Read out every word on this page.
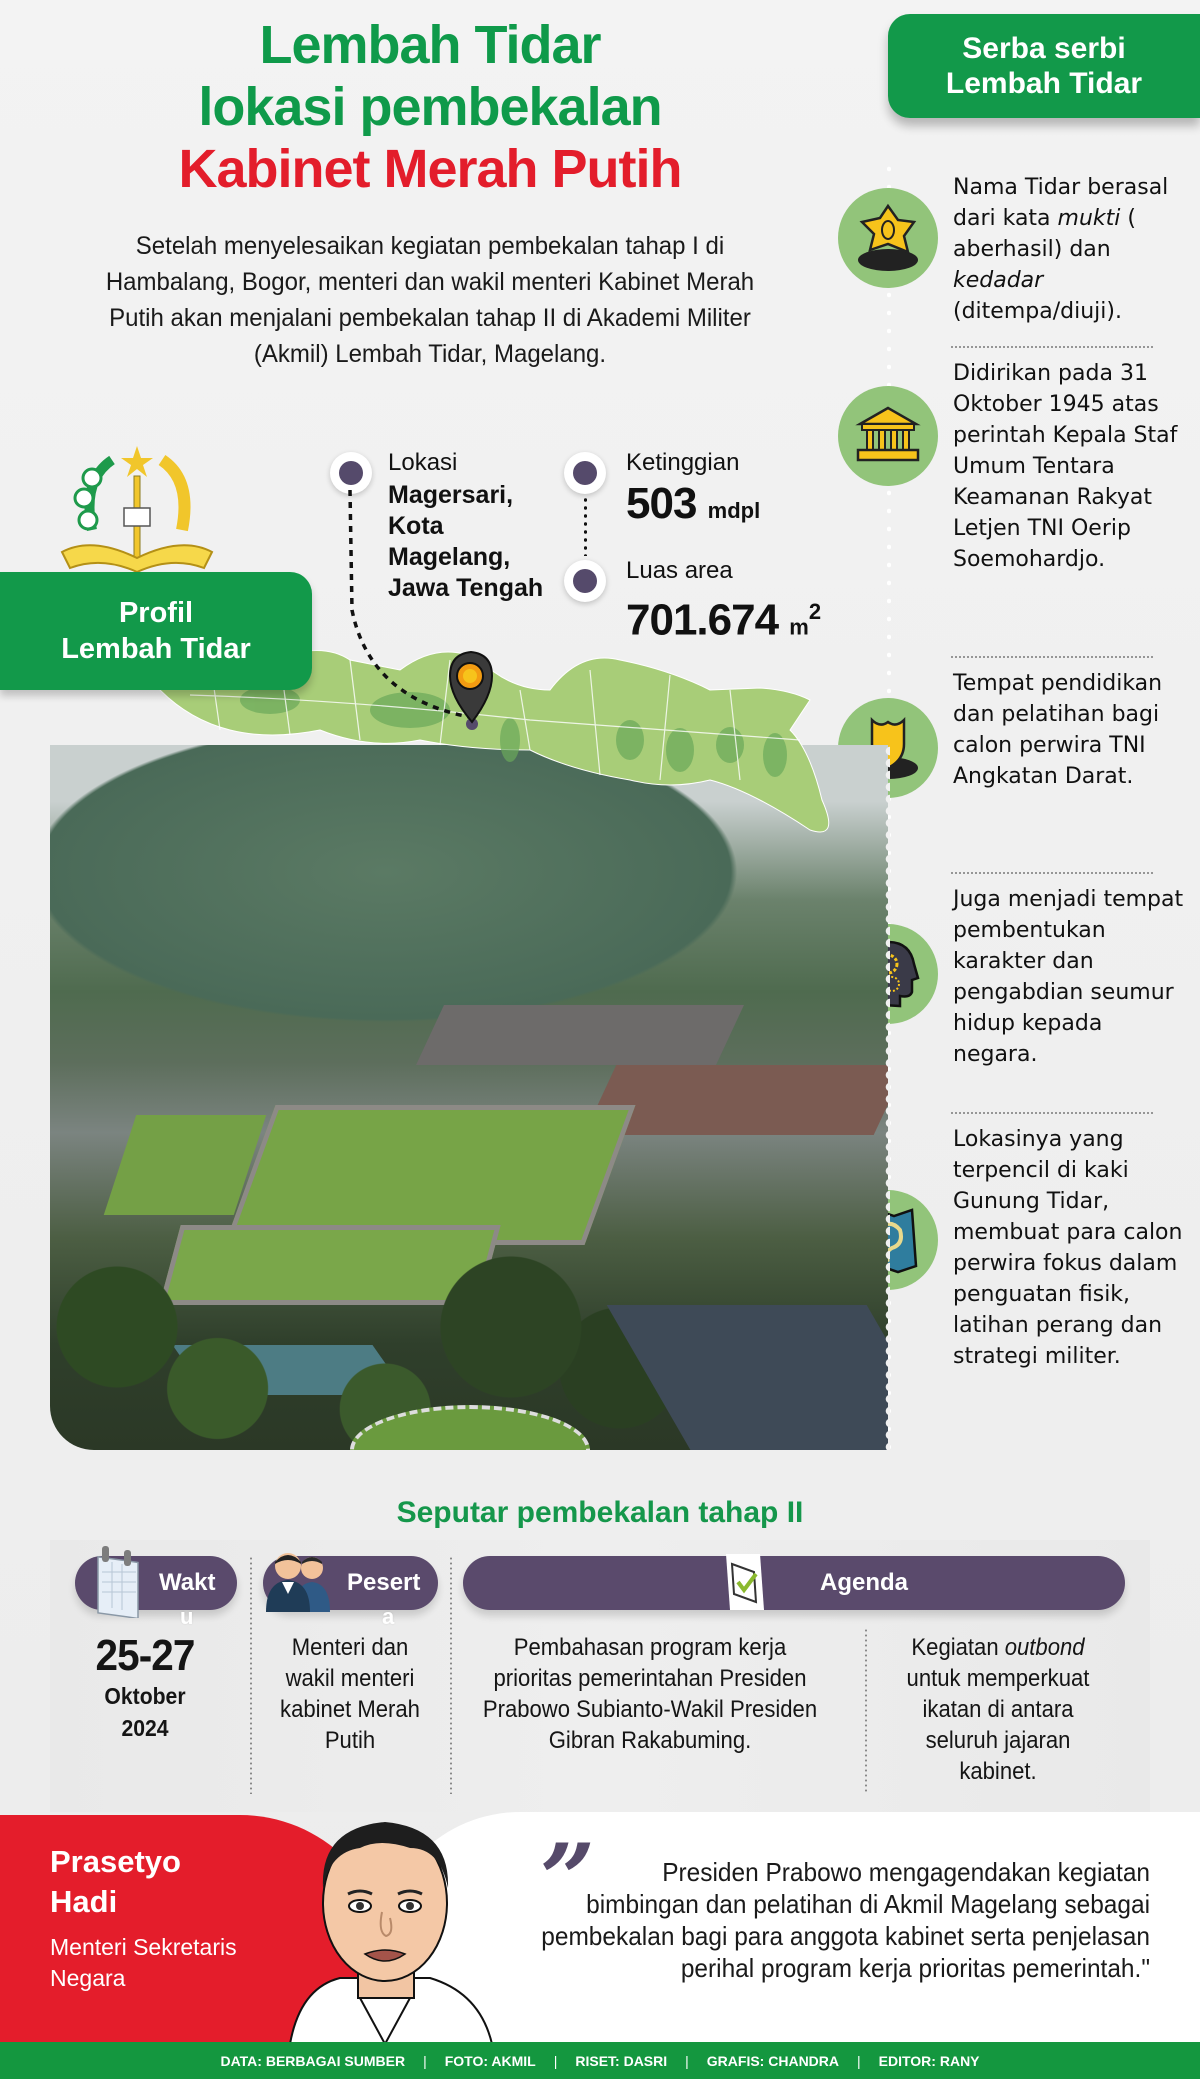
Lembah Tidar
lokasi pembekalan
Kabinet Merah Putih
Setelah menyelesaikan kegiatan pembekalan tahap I di Hambalang, Bogor, menteri dan wakil menteri Kabinet Merah Putih akan menjalani pembekalan tahap II di Akademi Militer (Akmil) Lembah Tidar, Magelang.
Serba serbi
Lembah Tidar
Nama Tidar berasal dari kata mukti ( aberhasil) dan kedadar (ditempa/diuji).
Didirikan pada 31 Oktober 1945 atas perintah Kepala Staf Umum Tentara Keamanan Rakyat Letjen TNI Oerip Soemohardjo.
Tempat pendidikan dan pelatihan bagi calon perwira TNI Angkatan Darat.
Juga menjadi tempat pembentukan karakter dan pengabdian seumur hidup kepada negara.
Lokasinya yang terpencil di kaki Gunung Tidar, membuat para calon perwira fokus dalam penguatan fisik, latihan perang dan strategi militer.
Profil
Lembah Tidar
Lokasi
Magersari, Kota Magelang, Jawa Tengah
Ketinggian
503 mdpl
Luas area
701.674 $m^2$
Seputar pembekalan tahap II
Wakt
u
25-27
Oktober
2024
Pesert
a
Menteri dan wakil menteri kabinet Merah Putih
Agenda
Pembahasan program kerja prioritas pemerintahan Presiden Prabowo Subianto-Wakil Presiden Gibran Rakabuming.
Kegiatan outbond untuk memperkuat ikatan di antara seluruh jajaran kabinet.
Prasetyo
Hadi
Menteri Sekretaris Negara
”	Presiden Prabowo mengagendakan kegiatan bimbingan dan pelatihan di Akmil Magelang sebagai pembekalan bagi para anggota kabinet serta penjelasan perihal program kerja prioritas pemerintah."
DATA: BERBAGAI SUMBER | FOTO: AKMIL | RISET: DASRI | GRAFIS: CHANDRA | EDITOR: RANY
